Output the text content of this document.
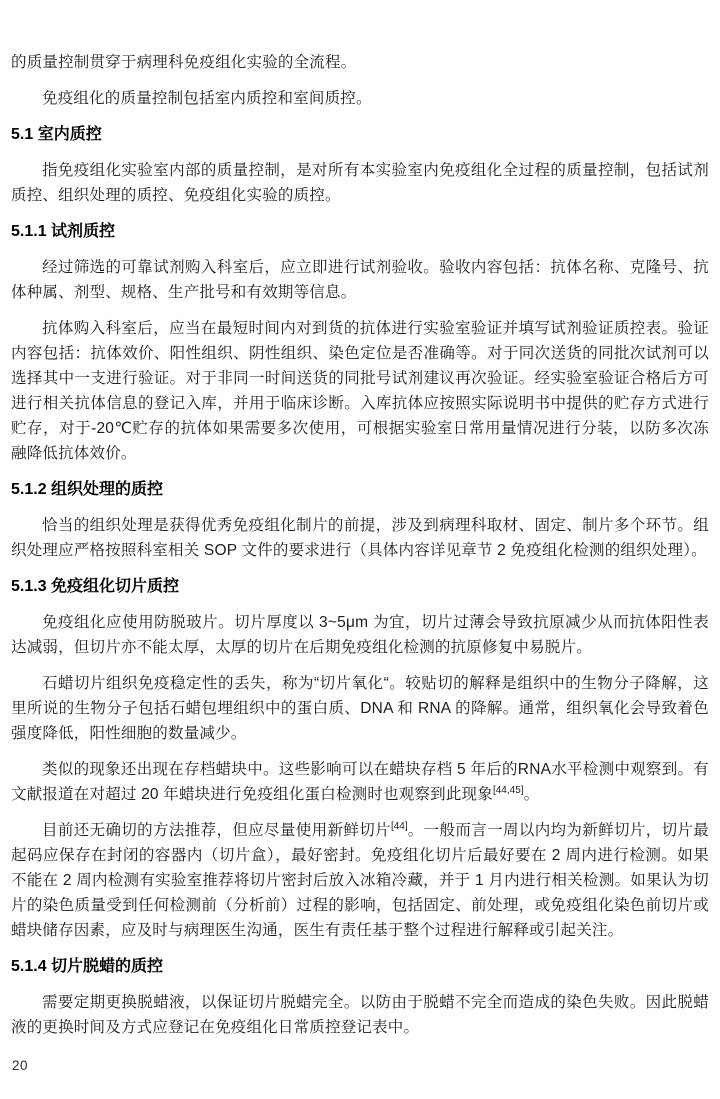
的质量控制贯穿于病理科免疫组化实验的全流程。

免疫组化的质量控制包括室内质控和室间质控。

5.1 室内质控

指免疫组化实验室内部的质量控制，是对所有本实验室内免疫组化全过程的质量控制，包括试剂质控、组织处理的质控、免疫组化实验的质控。

5.1.1 试剂质控

经过筛选的可靠试剂购入科室后，应立即进行试剂验收。验收内容包括：抗体名称、克隆号、抗体种属、剂型、规格、生产批号和有效期等信息。

抗体购入科室后，应当在最短时间内对到货的抗体进行实验室验证并填写试剂验证质控表。验证内容包括：抗体效价、阳性组织、阴性组织、染色定位是否准确等。对于同次送货的同批次试剂可以选择其中一支进行验证。对于非同一时间送货的同批号试剂建议再次验证。经实验室验证合格后方可进行相关抗体信息的登记入库，并用于临床诊断。入库抗体应按照实际说明书中提供的贮存方式进行贮存，对于-20℃贮存的抗体如果需要多次使用，可根据实验室日常用量情况进行分装，以防多次冻融降低抗体效价。

5.1.2 组织处理的质控

恰当的组织处理是获得优秀免疫组化制片的前提，涉及到病理科取材、固定、制片多个环节。组织处理应严格按照科室相关 SOP 文件的要求进行（具体内容详见章节 2 免疫组化检测的组织处理）。

5.1.3 免疫组化切片质控

免疫组化应使用防脱玻片。切片厚度以 3~5μm 为宜，切片过薄会导致抗原减少从而抗体阳性表达减弱，但切片亦不能太厚，太厚的切片在后期免疫组化检测的抗原修复中易脱片。

石蜡切片组织免疫稳定性的丢失，称为“切片氧化“。较贴切的解释是组织中的生物分子降解，这里所说的生物分子包括石蜡包埋组织中的蛋白质、DNA 和 RNA 的降解。通常，组织氧化会导致着色强度降低，阳性细胞的数量减少。

类似的现象还出现在存档蜡块中。这些影响可以在蜡块存档 5 年后的RNA水平检测中观察到。有文献报道在对超过 20 年蜡块进行免疫组化蛋白检测时也观察到此现象[44,45]。

目前还无确切的方法推荐，但应尽量使用新鲜切片[44]。一般而言一周以内均为新鲜切片，切片最起码应保存在封闭的容器内（切片盒），最好密封。免疫组化切片后最好要在 2 周内进行检测。如果不能在 2 周内检测有实验室推荐将切片密封后放入冰箱冷藏，并于 1 月内进行相关检测。如果认为切片的染色质量受到任何检测前（分析前）过程的影响，包括固定、前处理，或免疫组化染色前切片或蜡块储存因素，应及时与病理医生沟通，医生有责任基于整个过程进行解释或引起关注。

5.1.4 切片脱蜡的质控

需要定期更换脱蜡液，以保证切片脱蜡完全。以防由于脱蜡不完全而造成的染色失败。因此脱蜡液的更换时间及方式应登记在免疫组化日常质控登记表中。

20
